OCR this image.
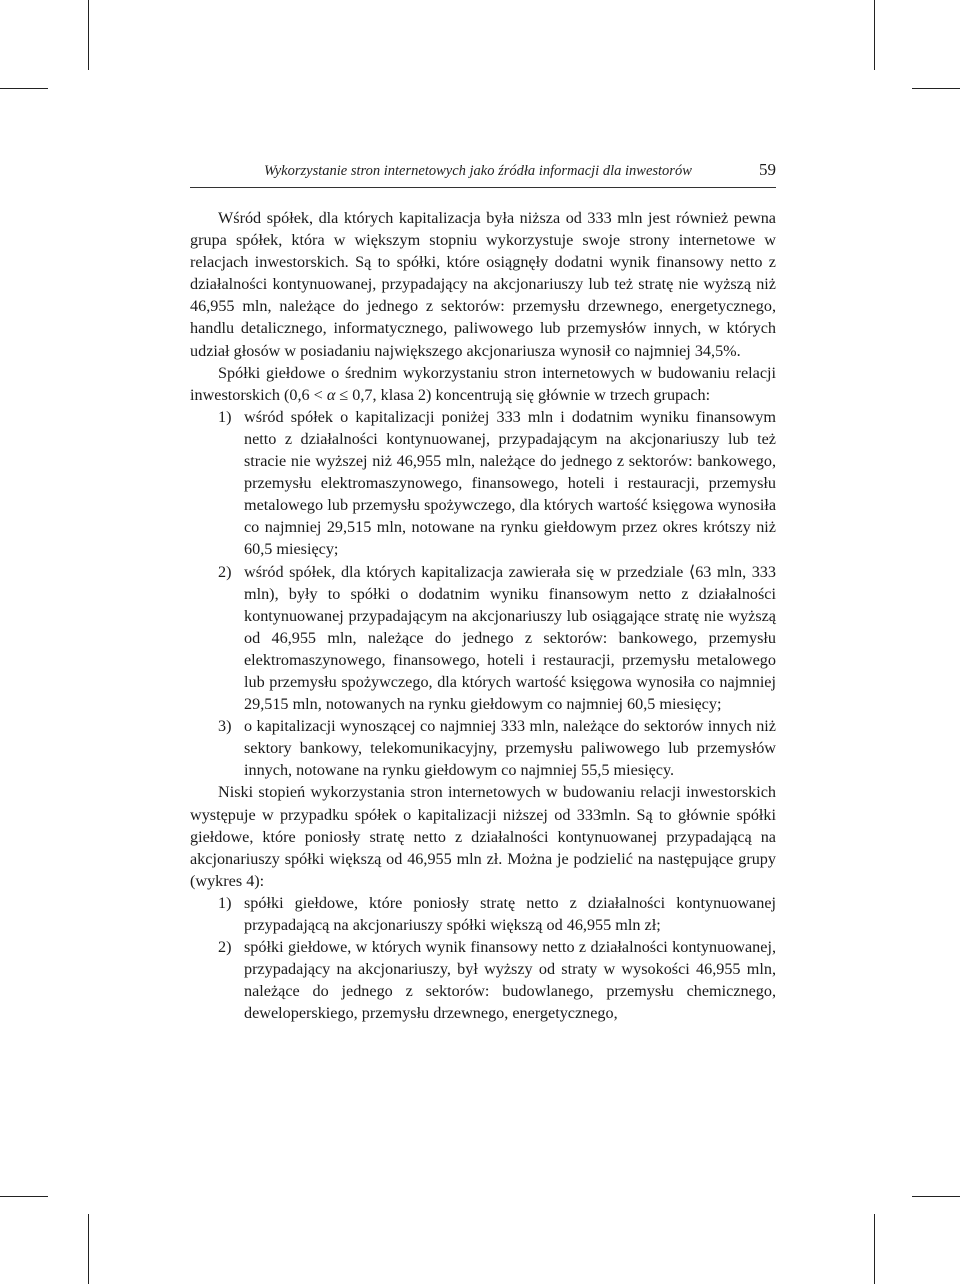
Wykorzystanie stron internetowych jako źródła informacji dla inwestorów	59

Wśród spółek, dla których kapitalizacja była niższa od 333 mln jest również pewna grupa spółek, która w większym stopniu wykorzystuje swoje strony internetowe w relacjach inwestorskich. Są to spółki, które osiągnęły dodatni wynik finansowy netto z działalności kontynuowanej, przypadający na akcjonariuszy lub też stratę nie wyższą niż 46,955 mln, należące do jednego z sektorów: przemysłu drzewnego, energetycznego, handlu detalicznego, informatycznego, paliwowego lub przemysłów innych, w których udział głosów w posiadaniu największego akcjonariusza wynosił co najmniej 34,5%.

Spółki giełdowe o średnim wykorzystaniu stron internetowych w budowaniu relacji inwestorskich (0,6 < α ≤ 0,7, klasa 2) koncentrują się głównie w trzech grupach:

1) wśród spółek o kapitalizacji poniżej 333 mln i dodatnim wyniku finansowym netto z działalności kontynuowanej, przypadającym na akcjonariuszy lub też stracie nie wyższej niż 46,955 mln, należące do jednego z sektorów: bankowego, przemysłu elektromaszynowego, finansowego, hoteli i restauracji, przemysłu metalowego lub przemysłu spożywczego, dla których wartość księgowa wynosiła co najmniej 29,515 mln, notowane na rynku giełdowym przez okres krótszy niż 60,5 miesięcy;
2) wśród spółek, dla których kapitalizacja zawierała się w przedziale ⟨63 mln, 333 mln), były to spółki o dodatnim wyniku finansowym netto z działalności kontynuowanej przypadającym na akcjonariuszy lub osiągające stratę nie wyższą od 46,955 mln, należące do jednego z sektorów: bankowego, przemysłu elektromaszynowego, finansowego, hoteli i restauracji, przemysłu metalowego lub przemysłu spożywczego, dla których wartość księgowa wynosiła co najmniej 29,515 mln, notowanych na rynku giełdowym co najmniej 60,5 miesięcy;
3) o kapitalizacji wynoszącej co najmniej 333 mln, należące do sektorów innych niż sektory bankowy, telekomunikacyjny, przemysłu paliwowego lub przemysłów innych, notowane na rynku giełdowym co najmniej 55,5 miesięcy.

Niski stopień wykorzystania stron internetowych w budowaniu relacji inwestorskich występuje w przypadku spółek o kapitalizacji niższej od 333mln. Są to głównie spółki giełdowe, które poniosły stratę netto z działalności kontynuowanej przypadającą na akcjonariuszy spółki większą od 46,955 mln zł. Można je podzielić na następujące grupy (wykres 4):

1) spółki giełdowe, które poniosły stratę netto z działalności kontynuowanej przypadającą na akcjonariuszy spółki większą od 46,955 mln zł;
2) spółki giełdowe, w których wynik finansowy netto z działalności kontynuowanej, przypadający na akcjonariuszy, był wyższy od straty w wysokości 46,955 mln, należące do jednego z sektorów: budowlanego, przemysłu chemicznego, deweloperskiego, przemysłu drzewnego, energetycznego,
